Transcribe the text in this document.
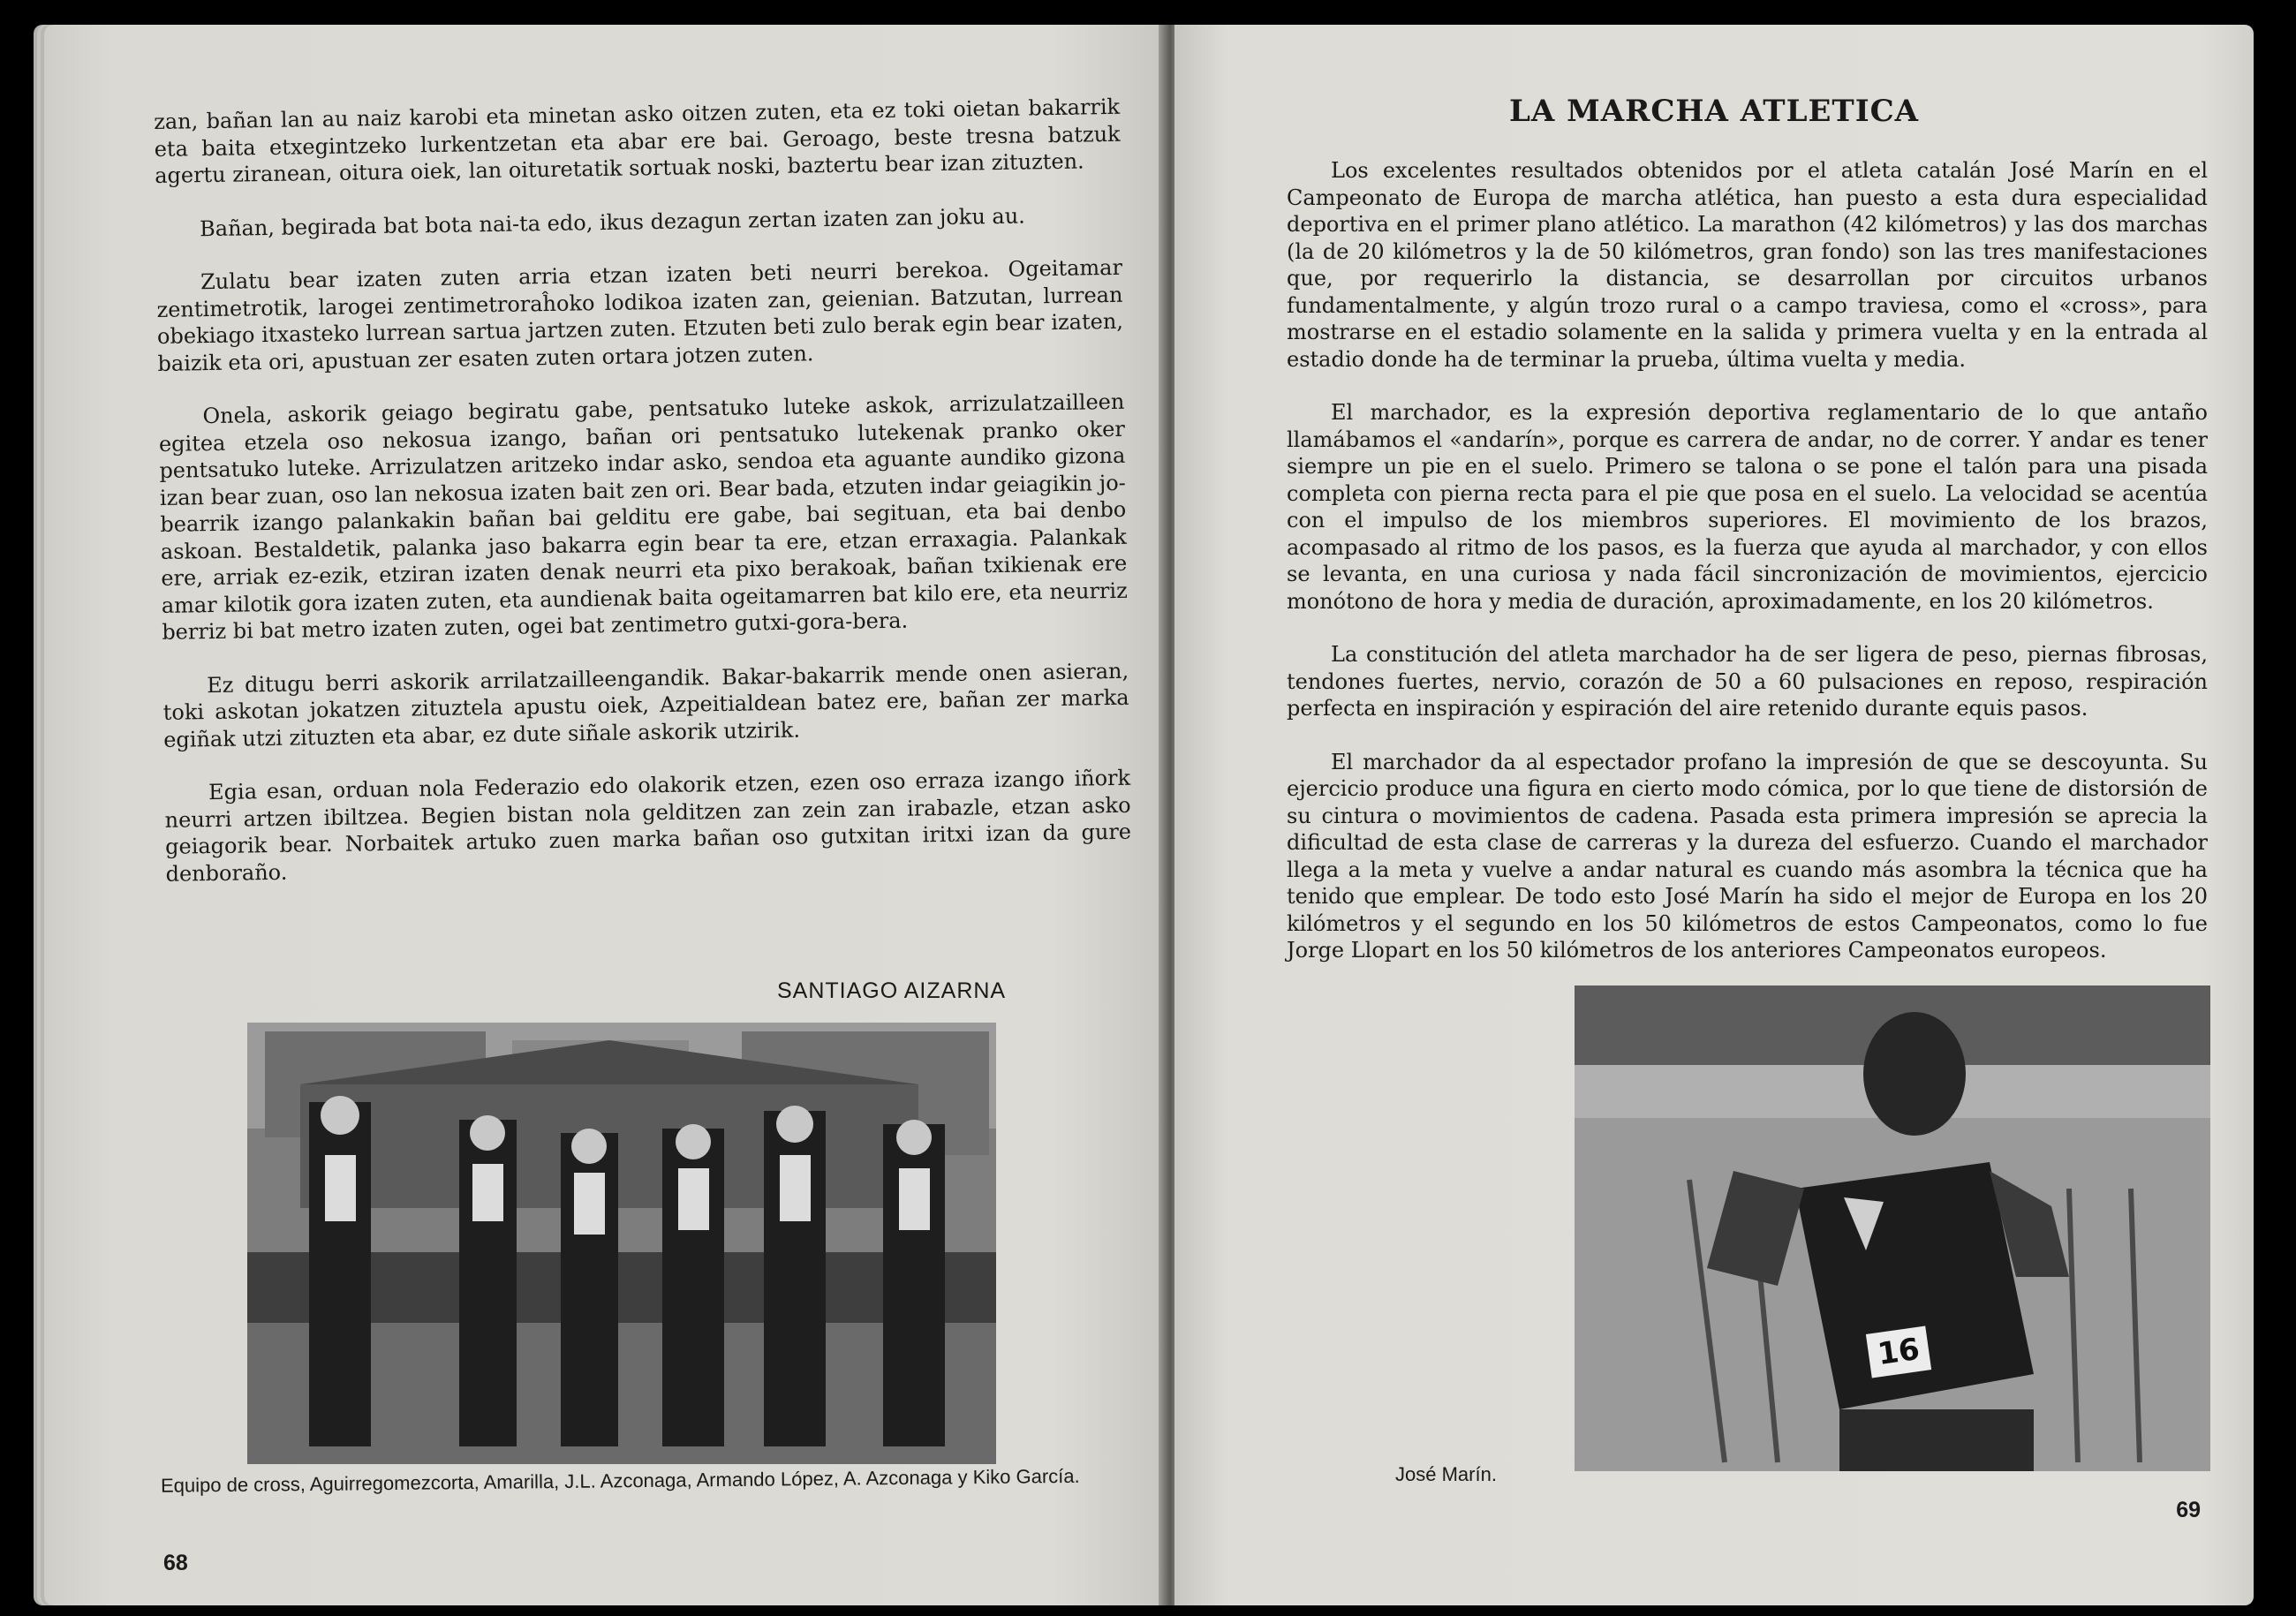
zan, bañan lan au naiz karobi eta minetan asko oitzen zuten, eta ez toki oietan bakarrik eta baita etxegintzeko lurkentzetan eta abar ere bai. Geroago, beste tresna batzuk agertu ziranean, oitura oiek, lan oituretatik sortuak noski, baztertu bear izan zituzten.

Bañan, begirada bat bota nai-ta edo, ikus dezagun zertan izaten zan joku au.

Zulatu bear izaten zuten arria etzan izaten beti neurri berekoa. Ogeitamar zentimetrotik, larogei zentimetroraĥoko lodikoa izaten zan, geienian. Batzutan, lurrean obekiago itxasteko lurrean sartua jartzen zuten. Etzuten beti zulo berak egin bear izaten, baizik eta ori, apustuan zer esaten zuten ortara jotzen zuten.

Onela, askorik geiago begiratu gabe, pentsatuko luteke askok, arrizulatzailleen egitea etzela oso nekosua izango, bañan ori pentsatuko lutekenak pranko oker pentsatuko luteke. Arrizulatzen aritzeko indar asko, sendoa eta aguante aundiko gizona izan bear zuan, oso lan nekosua izaten bait zen ori. Bear bada, etzuten indar geiagikin jo-bearrik izango palankakin bañan bai gelditu ere gabe, bai segituan, eta bai denbo askoan. Bestaldetik, palanka jaso bakarra egin bear ta ere, etzan erraxagia. Palankak ere, arriak ez-ezik, etziran izaten denak neurri eta pixo berakoak, bañan txikienak ere amar kilotik gora izaten zuten, eta aundienak baita ogeitamarren bat kilo ere, eta neurriz berriz bi bat metro izaten zuten, ogei bat zentimetro gutxi-gora-bera.

Ez ditugu berri askorik arrilatzailleengandik. Bakar-bakarrik mende onen asieran, toki askotan jokatzen zituztela apustu oiek, Azpeitialdean batez ere, bañan zer marka egiñak utzi zituzten eta abar, ez dute siñale askorik utzirik.

Egia esan, orduan nola Federazio edo olakorik etzen, ezen oso erraza izango iñork neurri artzen ibiltzea. Begien bistan nola gelditzen zan zein zan irabazle, etzan asko geiagorik bear. Norbaitek artuko zuen marka bañan oso gutxitan iritxi izan da gure denboraño.

SANTIAGO AIZARNA
Equipo de cross, Aguirregomezcorta, Amarilla, J.L. Azconaga, Armando López, A. Azconaga y Kiko García.
68
LA MARCHA ATLETICA

Los excelentes resultados obtenidos por el atleta catalán José Marín en el Campeonato de Europa de marcha atlética, han puesto a esta dura especialidad deportiva en el primer plano atlético. La marathon (42 kilómetros) y las dos marchas (la de 20 kilómetros y la de 50 kilómetros, gran fondo) son las tres manifestaciones que, por requerirlo la distancia, se desarrollan por circuitos urbanos fundamentalmente, y algún trozo rural o a campo traviesa, como el «cross», para mostrarse en el estadio solamente en la salida y primera vuelta y en la entrada al estadio donde ha de terminar la prueba, última vuelta y media.

El marchador, es la expresión deportiva reglamentario de lo que antaño llamábamos el «andarín», porque es carrera de andar, no de correr. Y andar es tener siempre un pie en el suelo. Primero se talona o se pone el talón para una pisada completa con pierna recta para el pie que posa en el suelo. La velocidad se acentúa con el impulso de los miembros superiores. El movimiento de los brazos, acompasado al ritmo de los pasos, es la fuerza que ayuda al marchador, y con ellos se levanta, en una curiosa y nada fácil sincronización de movimientos, ejercicio monótono de hora y media de duración, aproximadamente, en los 20 kilómetros.

La constitución del atleta marchador ha de ser ligera de peso, piernas fibrosas, tendones fuertes, nervio, corazón de 50 a 60 pulsaciones en reposo, respiración perfecta en inspiración y espiración del aire retenido durante equis pasos.

El marchador da al espectador profano la impresión de que se descoyunta. Su ejercicio produce una figura en cierto modo cómica, por lo que tiene de distorsión de su cintura o movimientos de cadena. Pasada esta primera impresión se aprecia la dificultad de esta clase de carreras y la dureza del esfuerzo. Cuando el marchador llega a la meta y vuelve a andar natural es cuando más asombra la técnica que ha tenido que emplear. De todo esto José Marín ha sido el mejor de Europa en los 20 kilómetros y el segundo en los 50 kilómetros de estos Campeonatos, como lo fue Jorge Llopart en los 50 kilómetros de los anteriores Campeonatos europeos.

16
José Marín.
69
